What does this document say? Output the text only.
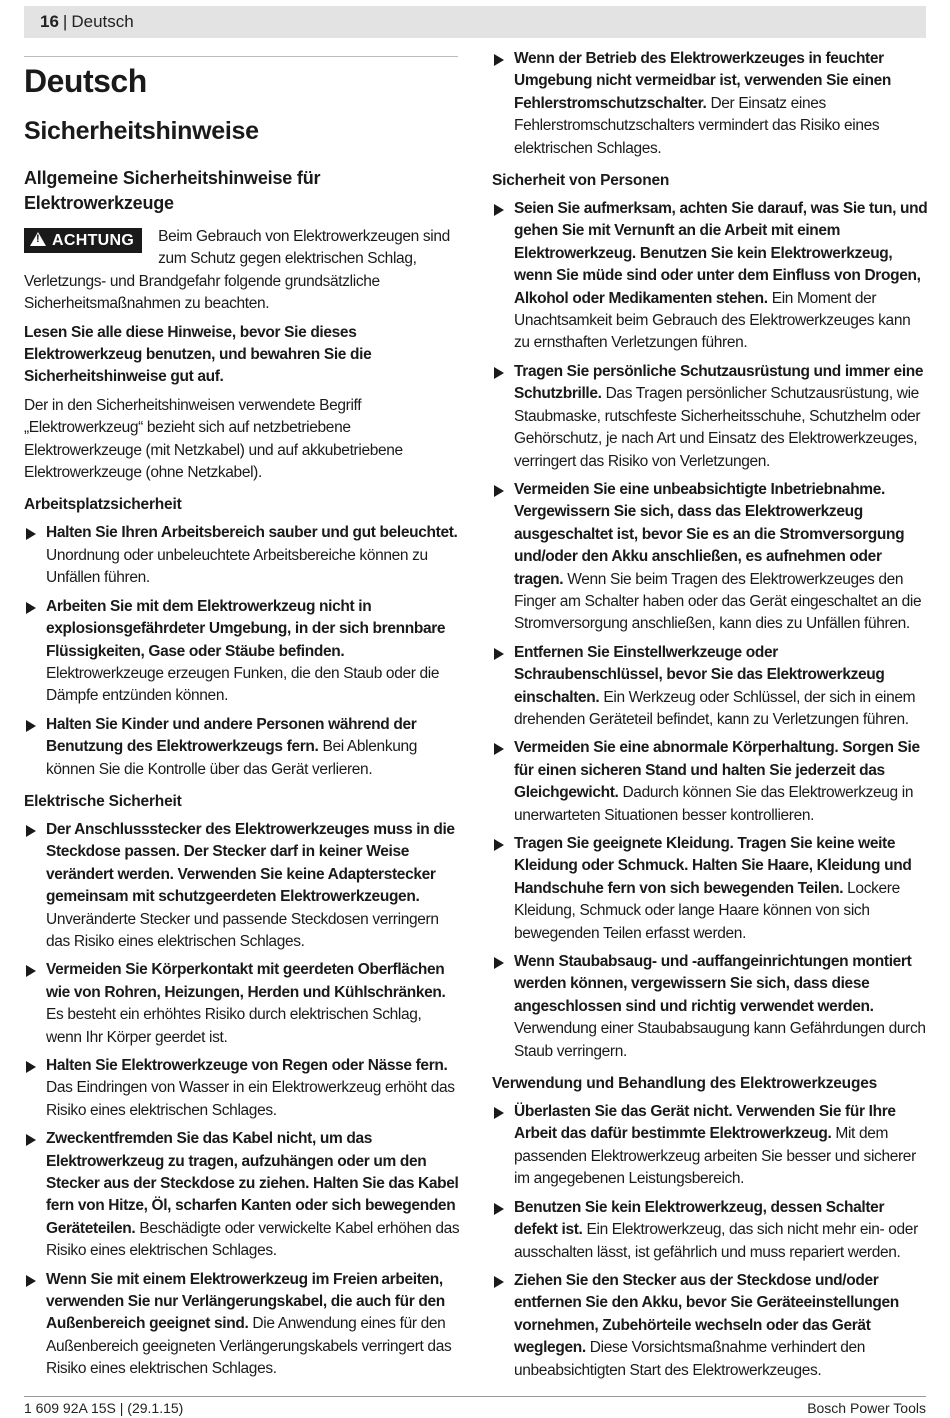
16 | Deutsch
Deutsch
Sicherheitshinweise
Allgemeine Sicherheitshinweise für Elektrowerkzeuge
!ACHTUNG	Beim Gebrauch von Elektrowerkzeugen sind zum Schutz gegen elektrischen Schlag, Verletzungs- und Brandgefahr folgende grundsätzliche Sicherheitsmaßnahmen zu beachten.

Lesen Sie alle diese Hinweise, bevor Sie dieses Elektrowerkzeug benutzen, und bewahren Sie die Sicherheitshinweise gut auf.

Der in den Sicherheitshinweisen verwendete Begriff „Elektrowerkzeug“ bezieht sich auf netzbetriebene Elektrowerkzeuge (mit Netzkabel) und auf akkubetriebene Elektrowerkzeuge (ohne Netzkabel).

Arbeitsplatzsicherheit
Halten Sie Ihren Arbeitsbereich sauber und gut beleuchtet. Unordnung oder unbeleuchtete Arbeitsbereiche können zu Unfällen führen.
Arbeiten Sie mit dem Elektrowerkzeug nicht in explosionsgefährdeter Umgebung, in der sich brennbare Flüssigkeiten, Gase oder Stäube befinden. Elektrowerkzeuge erzeugen Funken, die den Staub oder die Dämpfe entzünden können.
Halten Sie Kinder und andere Personen während der Benutzung des Elektrowerkzeugs fern. Bei Ablenkung können Sie die Kontrolle über das Gerät verlieren.
Elektrische Sicherheit
Der Anschlussstecker des Elektrowerkzeuges muss in die Steckdose passen. Der Stecker darf in keiner Weise verändert werden. Verwenden Sie keine Adapterstecker gemeinsam mit schutzgeerdeten Elektrowerkzeugen. Unveränderte Stecker und passende Steckdosen verringern das Risiko eines elektrischen Schlages.
Vermeiden Sie Körperkontakt mit geerdeten Oberflächen wie von Rohren, Heizungen, Herden und Kühlschränken. Es besteht ein erhöhtes Risiko durch elektrischen Schlag, wenn Ihr Körper geerdet ist.
Halten Sie Elektrowerkzeuge von Regen oder Nässe fern. Das Eindringen von Wasser in ein Elektrowerkzeug erhöht das Risiko eines elektrischen Schlages.
Zweckentfremden Sie das Kabel nicht, um das Elektrowerkzeug zu tragen, aufzuhängen oder um den Stecker aus der Steckdose zu ziehen. Halten Sie das Kabel fern von Hitze, Öl, scharfen Kanten oder sich bewegenden Geräteteilen. Beschädigte oder verwickelte Kabel erhöhen das Risiko eines elektrischen Schlages.
Wenn Sie mit einem Elektrowerkzeug im Freien arbeiten, verwenden Sie nur Verlängerungskabel, die auch für den Außenbereich geeignet sind. Die Anwendung eines für den Außenbereich geeigneten Verlängerungskabels verringert das Risiko eines elektrischen Schlages.
Wenn der Betrieb des Elektrowerkzeuges in feuchter Umgebung nicht vermeidbar ist, verwenden Sie einen Fehlerstromschutzschalter. Der Einsatz eines Fehlerstromschutzschalters vermindert das Risiko eines elektrischen Schlages.
Sicherheit von Personen
Seien Sie aufmerksam, achten Sie darauf, was Sie tun, und gehen Sie mit Vernunft an die Arbeit mit einem Elektrowerkzeug. Benutzen Sie kein Elektrowerkzeug, wenn Sie müde sind oder unter dem Einfluss von Drogen, Alkohol oder Medikamenten stehen. Ein Moment der Unachtsamkeit beim Gebrauch des Elektrowerkzeuges kann zu ernsthaften Verletzungen führen.
Tragen Sie persönliche Schutzausrüstung und immer eine Schutzbrille. Das Tragen persönlicher Schutzausrüstung, wie Staubmaske, rutschfeste Sicherheitsschuhe, Schutzhelm oder Gehörschutz, je nach Art und Einsatz des Elektrowerkzeuges, verringert das Risiko von Verletzungen.
Vermeiden Sie eine unbeabsichtigte Inbetriebnahme. Vergewissern Sie sich, dass das Elektrowerkzeug ausgeschaltet ist, bevor Sie es an die Stromversorgung und/oder den Akku anschließen, es aufnehmen oder tragen. Wenn Sie beim Tragen des Elektrowerkzeuges den Finger am Schalter haben oder das Gerät eingeschaltet an die Stromversorgung anschließen, kann dies zu Unfällen führen.
Entfernen Sie Einstellwerkzeuge oder Schraubenschlüssel, bevor Sie das Elektrowerkzeug einschalten. Ein Werkzeug oder Schlüssel, der sich in einem drehenden Geräteteil befindet, kann zu Verletzungen führen.
Vermeiden Sie eine abnormale Körperhaltung. Sorgen Sie für einen sicheren Stand und halten Sie jederzeit das Gleichgewicht. Dadurch können Sie das Elektrowerkzeug in unerwarteten Situationen besser kontrollieren.
Tragen Sie geeignete Kleidung. Tragen Sie keine weite Kleidung oder Schmuck. Halten Sie Haare, Kleidung und Handschuhe fern von sich bewegenden Teilen. Lockere Kleidung, Schmuck oder lange Haare können von sich bewegenden Teilen erfasst werden.
Wenn Staubabsaug- und -auffangeinrichtungen montiert werden können, vergewissern Sie sich, dass diese angeschlossen sind und richtig verwendet werden. Verwendung einer Staubabsaugung kann Gefährdungen durch Staub verringern.
Verwendung und Behandlung des Elektrowerkzeuges
Überlasten Sie das Gerät nicht. Verwenden Sie für Ihre Arbeit das dafür bestimmte Elektrowerkzeug. Mit dem passenden Elektrowerkzeug arbeiten Sie besser und sicherer im angegebenen Leistungsbereich.
Benutzen Sie kein Elektrowerkzeug, dessen Schalter defekt ist. Ein Elektrowerkzeug, das sich nicht mehr ein- oder ausschalten lässt, ist gefährlich und muss repariert werden.
Ziehen Sie den Stecker aus der Steckdose und/oder entfernen Sie den Akku, bevor Sie Geräteeinstellungen vornehmen, Zubehörteile wechseln oder das Gerät weglegen. Diese Vorsichtsmaßnahme verhindert den unbeabsichtigten Start des Elektrowerkzeuges.
1 609 92A 15S | (29.1.15)	Bosch Power Tools
